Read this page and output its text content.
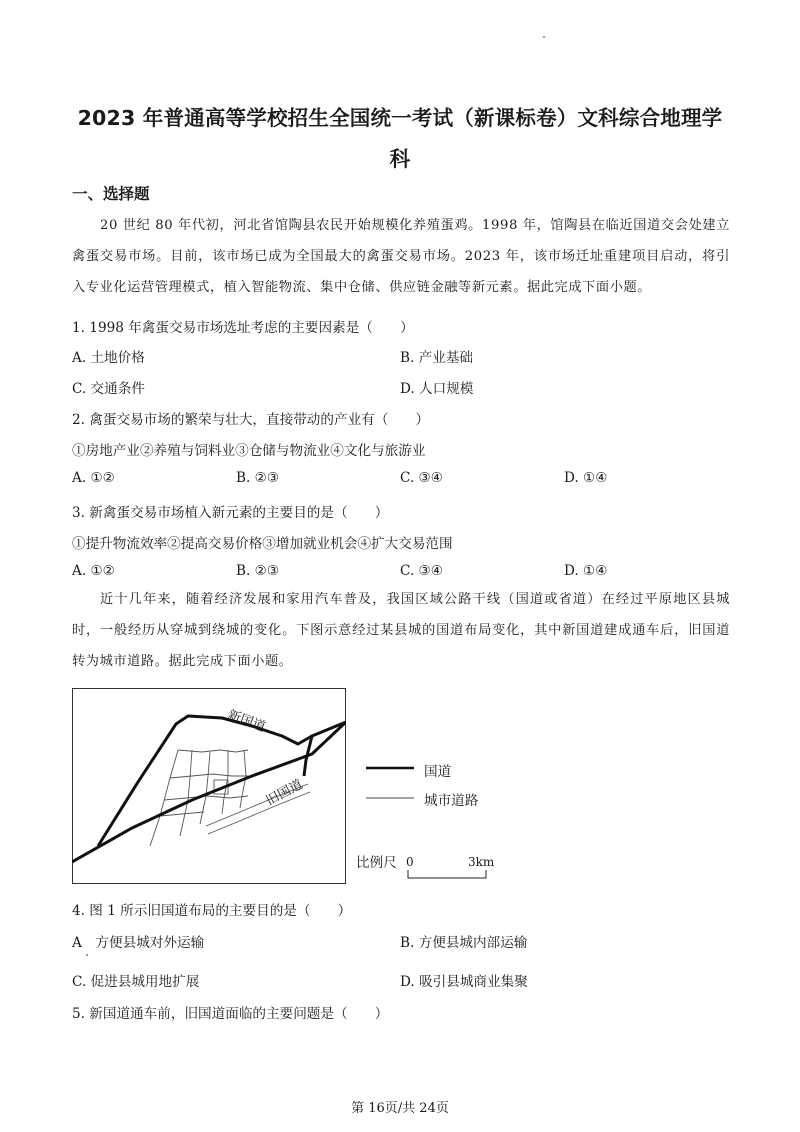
2023 年普通高等学校招生全国统一考试（新课标卷）文科综合地理学
科
一、选择题
20 世纪 80 年代初，河北省馆陶县农民开始规模化养殖蛋鸡。1998 年，馆陶县在临近国道交会处建立禽蛋交易市场。目前，该市场已成为全国最大的禽蛋交易市场。2023 年，该市场迁址重建项目启动，将引入专业化运营管理模式，植入智能物流、集中仓储、供应链金融等新元素。据此完成下面小题。
1. 1998 年禽蛋交易市场选址考虑的主要因素是（　　）
A. 土地价格	B. 产业基础
C. 交通条件	D. 人口规模
2. 禽蛋交易市场的繁荣与壮大，直接带动的产业有（　　）
①房地产业②养殖与饲料业③仓储与物流业④文化与旅游业
A. ①②	B. ②③	C. ③④	D. ①④
3. 新禽蛋交易市场植入新元素的主要目的是（　　）
①提升物流效率②提高交易价格③增加就业机会④扩大交易范围
A. ①②	B. ②③	C. ③④	D. ①④
近十几年来，随着经济发展和家用汽车普及，我国区域公路干线（国道或省道）在经过平原地区县城时，一般经历从穿城到绕城的变化。下图示意经过某县城的国道布局变化，其中新国道建成通车后，旧国道转为城市道路。据此完成下面小题。
新国道
旧国道
国道
城市道路
比例尺 0	3km
4. 图 1 所示旧国道布局的主要目的是（　　）
A　方便县城对外运输	B. 方便县城内部运输
C. 促进县城用地扩展	D. 吸引县城商业集聚
5. 新国道通车前，旧国道面临的主要问题是（　　）
第 16页/共 24页
